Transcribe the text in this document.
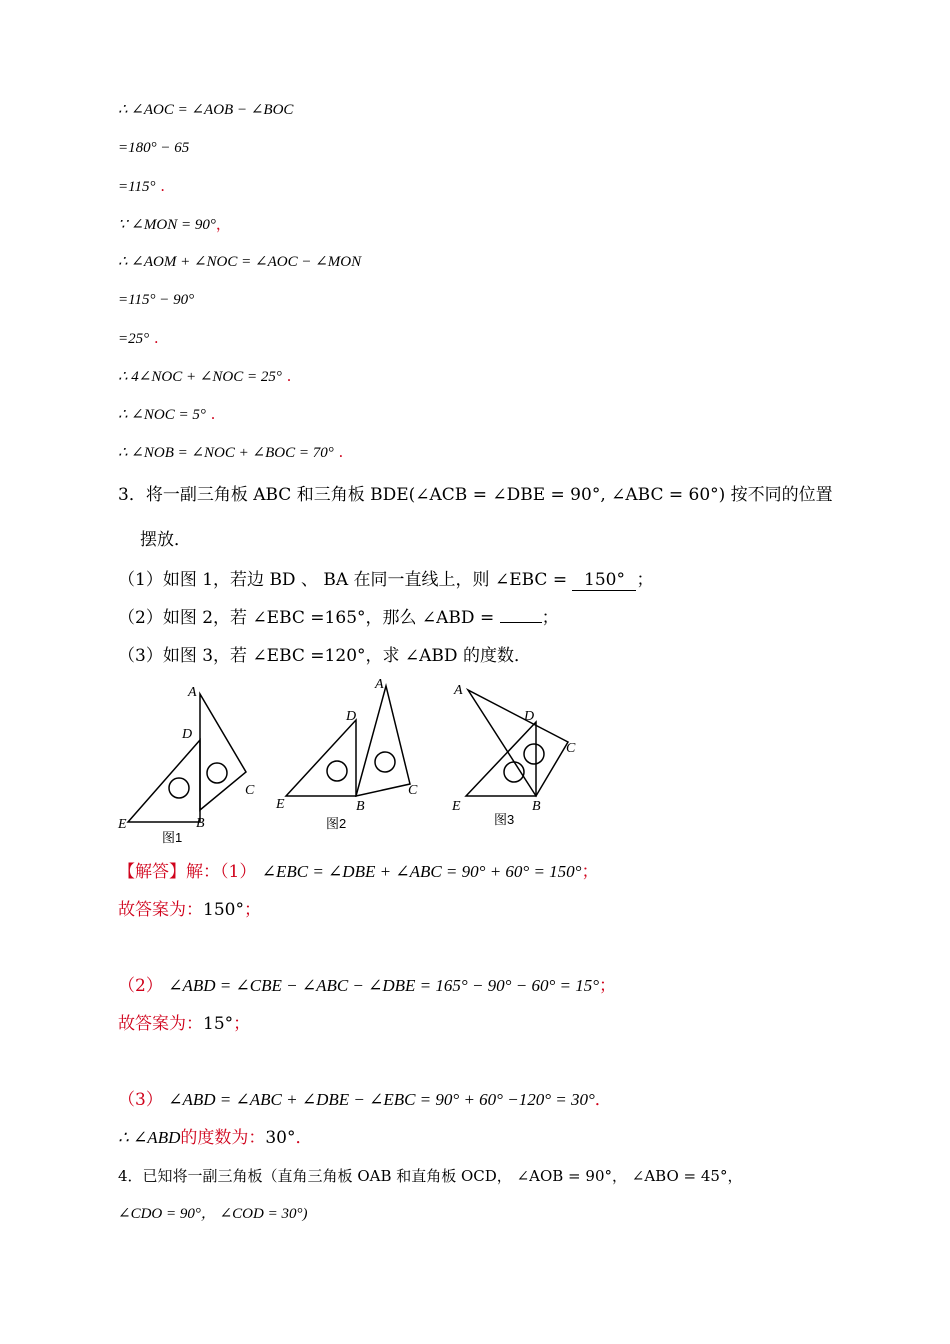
∴ ∠AOC = ∠AOB − ∠BOC
=180° − 65
=115° .
∵ ∠MON = 90°，
∴ ∠AOM + ∠NOC = ∠AOC − ∠MON
=115° − 90°
=25° .
∴ 4∠NOC + ∠NOC = 25° .
∴ ∠NOC = 5° .
∴ ∠NOB = ∠NOC + ∠BOC = 70° .
3．将一副三角板 ABC 和三角板 BDE(∠ACB = ∠DBE = 90°, ∠ABC = 60°) 按不同的位置
摆放．
（1）如图 1，若边 BD 、 BA 在同一直线上，则 ∠EBC = 150° ；
（2）如图 2，若 ∠EBC =165°，那么 ∠ABD =	；
（3）如图 3，若 ∠EBC =120°，求 ∠ABD 的度数．
A
D
C
E	B
图1
A
D
C
E	B
图2
A
D
C
E	B
图3
【解答】解：（1） ∠EBC = ∠DBE + ∠ABC = 90° + 60° = 150°；
故答案为：150°；
（2） ∠ABD = ∠CBE − ∠ABC − ∠DBE = 165° − 90° − 60° = 15°；
故答案为：15°；
（3） ∠ABD = ∠ABC + ∠DBE − ∠EBC = 90° + 60° −120° = 30°．
∴ ∠ABD的度数为：30°．
4．已知将一副三角板（直角三角板 OAB 和直角板 OCD， ∠AOB = 90°， ∠ABO = 45°，
∠CDO = 90°， ∠COD = 30°)
